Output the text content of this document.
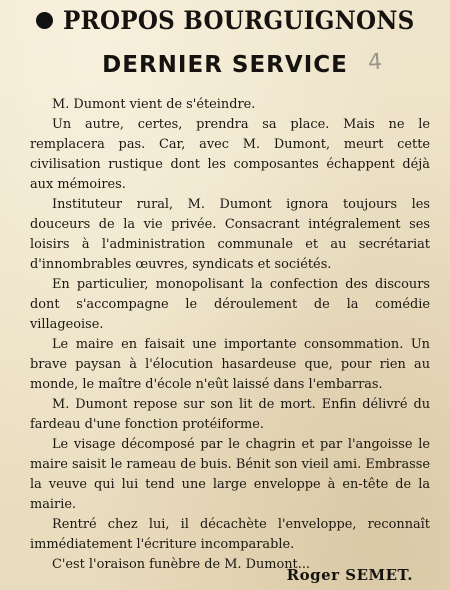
PROPOS BOURGUIGNONS
DERNIER SERVICE 4

M. Dumont vient de s'éteindre.

Un autre, certes, prendra sa place. Mais ne le remplacera pas. Car, avec M. Dumont, meurt cette civilisation rustique dont les composantes échappent déjà aux mémoires.

Instituteur rural, M. Dumont ignora toujours les douceurs de la vie privée. Consacrant intégralement ses loisirs à l'administration communale et au secrétariat d'innombrables œuvres, syndicats et sociétés.

En particulier, monopolisant la confection des discours dont s'accompagne le déroulement de la comédie villageoise.

Le maire en faisait une importante consommation. Un brave paysan à l'élocution hasardeuse que, pour rien au monde, le maître d'école n'eût laissé dans l'embarras.

M. Dumont repose sur son lit de mort. Enfin délivré du fardeau d'une fonction protéiforme.

Le visage décomposé par le chagrin et par l'angoisse le maire saisit le rameau de buis. Bénit son vieil ami. Embrasse la veuve qui lui tend une large enveloppe à en-tête de la mairie.

Rentré chez lui, il décachète l'enveloppe, reconnaît immédiatement l'écriture incomparable.

C'est l'oraison funèbre de M. Dumont...

Roger SEMET.
